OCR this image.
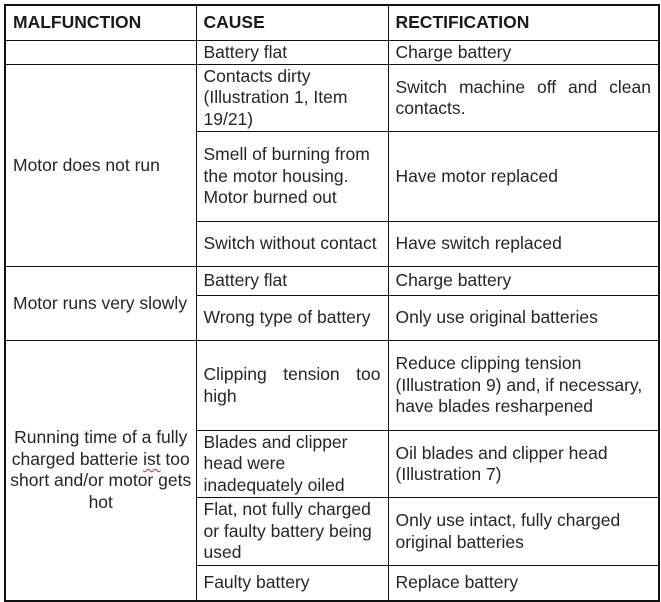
MALFUNCTION	CAUSE	RECTIFICATION
	Battery flat	Charge battery
Motor does not run	Contacts dirty (Illustration 1, Item 19/21)	Switch machine off and clean contacts.
	Smell of burning from the motor housing. Motor burned out	Have motor replaced
	Switch without contact	Have switch replaced
Motor runs very slowly	Battery flat	Charge battery
	Wrong type of battery	Only use original batteries
Running time of a fully charged batterie ist too short and/or motor gets hot	Clipping tension too high	Reduce clipping tension (Illustration 9) and, if necessary, have blades resharpened
	Blades and clipper head were inadequately oiled	Oil blades and clipper head (Illustration 7)
	Flat, not fully charged or faulty battery being used	Only use intact, fully charged original batteries
	Faulty battery	Replace battery
